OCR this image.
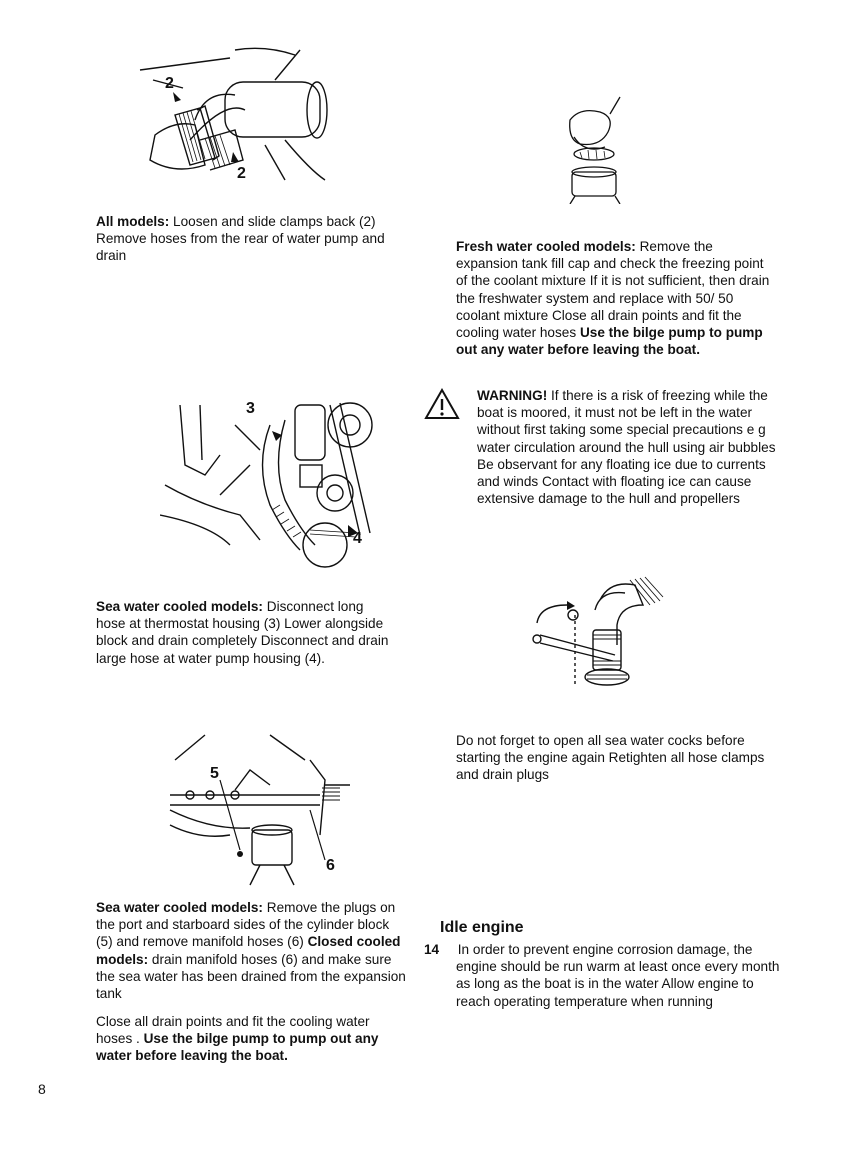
2
2
3
4
5
6

All models: Loosen and slide clamps back (2) Remove hoses from the rear of water pump and drain

Sea water cooled models: Disconnect long hose at thermostat housing (3) Lower alongside block and drain completely Disconnect and drain large hose at water pump housing (4).

Sea water cooled models: Remove the plugs on the port and starboard sides of the cylinder block (5) and remove manifold hoses (6) Closed cooled models: drain manifold hoses (6) and make sure the sea water has been drained from the expansion tank

Close all drain points and fit the cooling water hoses . Use the bilge pump to pump out any water before leaving the boat.

Fresh water cooled models: Remove the expansion tank fill cap and check the freezing point of the coolant mixture If it is not sufficient, then drain the freshwater system and replace with 50/ 50 coolant mixture Close all drain points and fit the cooling water hoses Use the bilge pump to pump out any water before leaving the boat.

WARNING! If there is a risk of freezing while the boat is moored, it must not be left in the water without first taking some special precautions e g water circulation around the hull using air bubbles Be observant for any floating ice due to currents and winds Contact with floating ice can cause extensive damage to the hull and propellers

Do not forget to open all sea water cocks before starting the engine again Retighten all hose clamps and drain plugs

Idle engine

14 In order to prevent engine corrosion damage, the engine should be run warm at least once every month as long as the boat is in the water Allow engine to reach operating temperature when running

8
